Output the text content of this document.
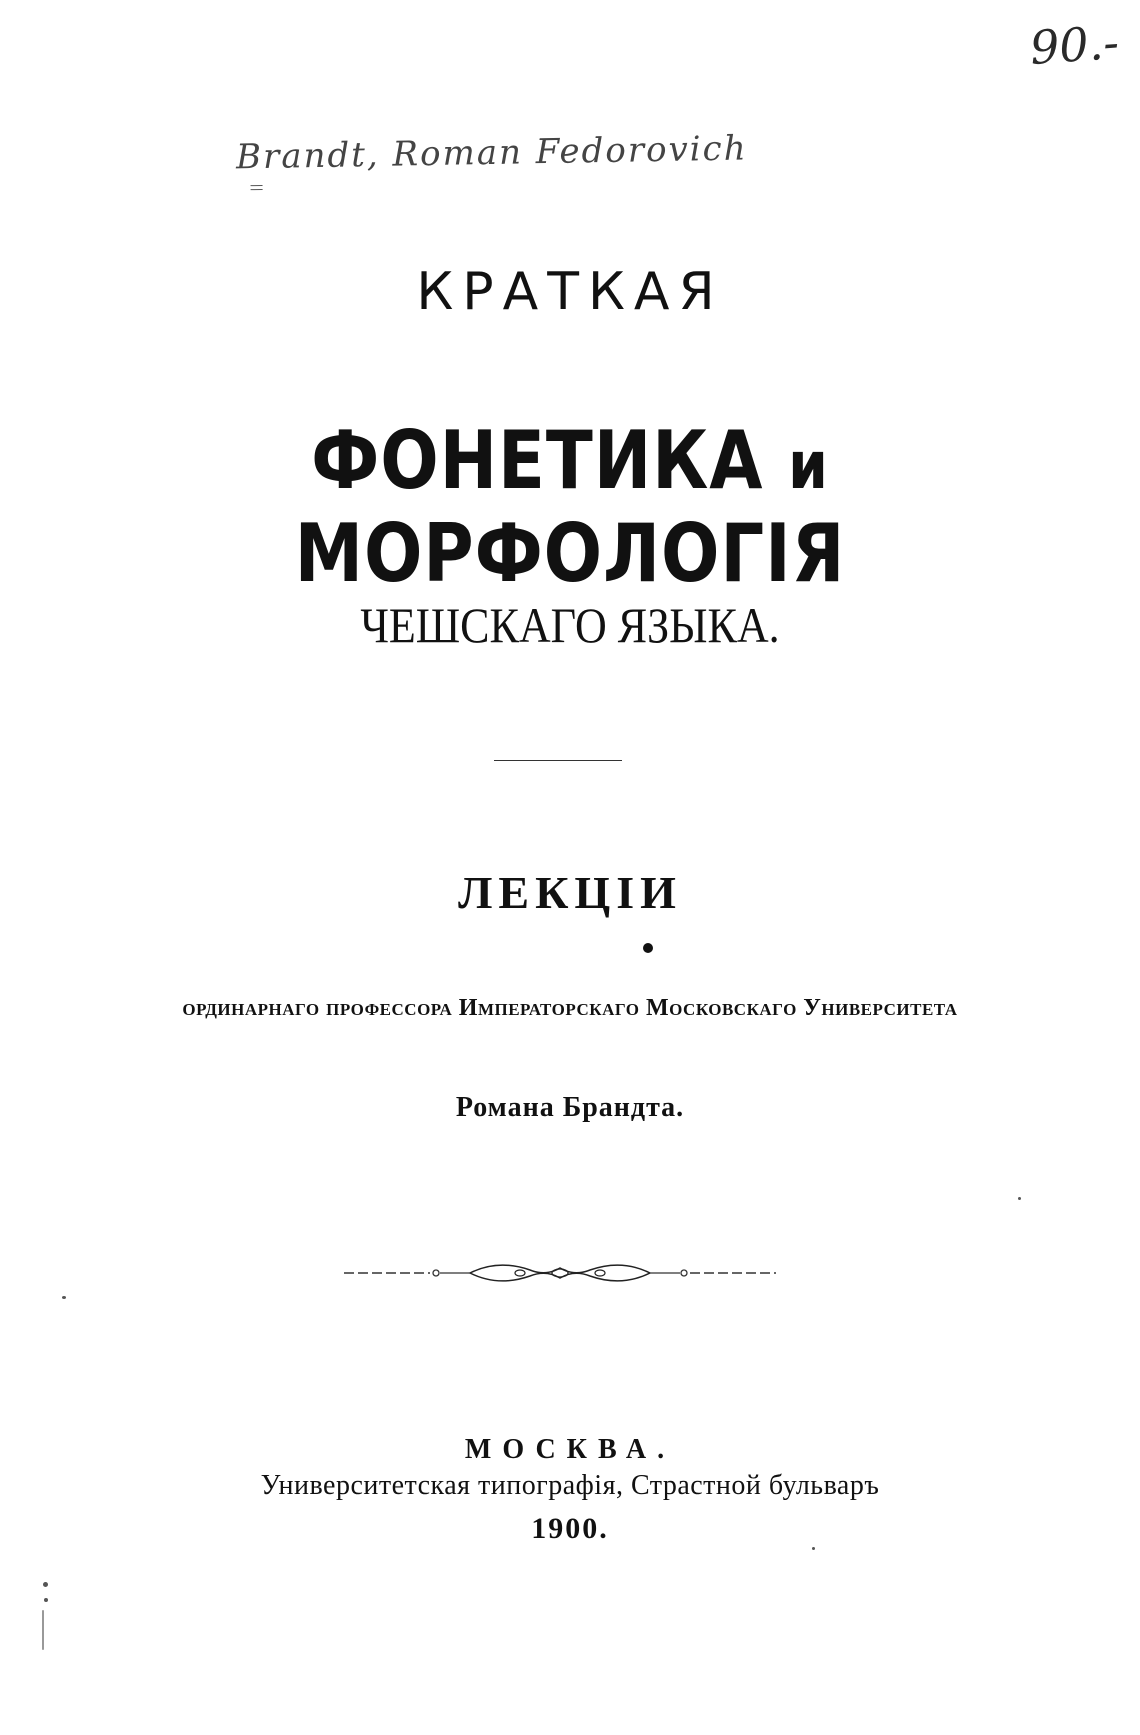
90.-
Brandt, Roman Fedorovich
КРАТКАЯ
ФОНЕТИКА и МОРФОЛОГІЯ
ЧЕШСКАГО ЯЗЫКА.
ЛЕКЦІИ
ординарнаго профессора Императорскаго Московскаго Университета
Романа Брандта.
МОСКВА.
Университетская типографія, Страстной бульваръ
1900.
